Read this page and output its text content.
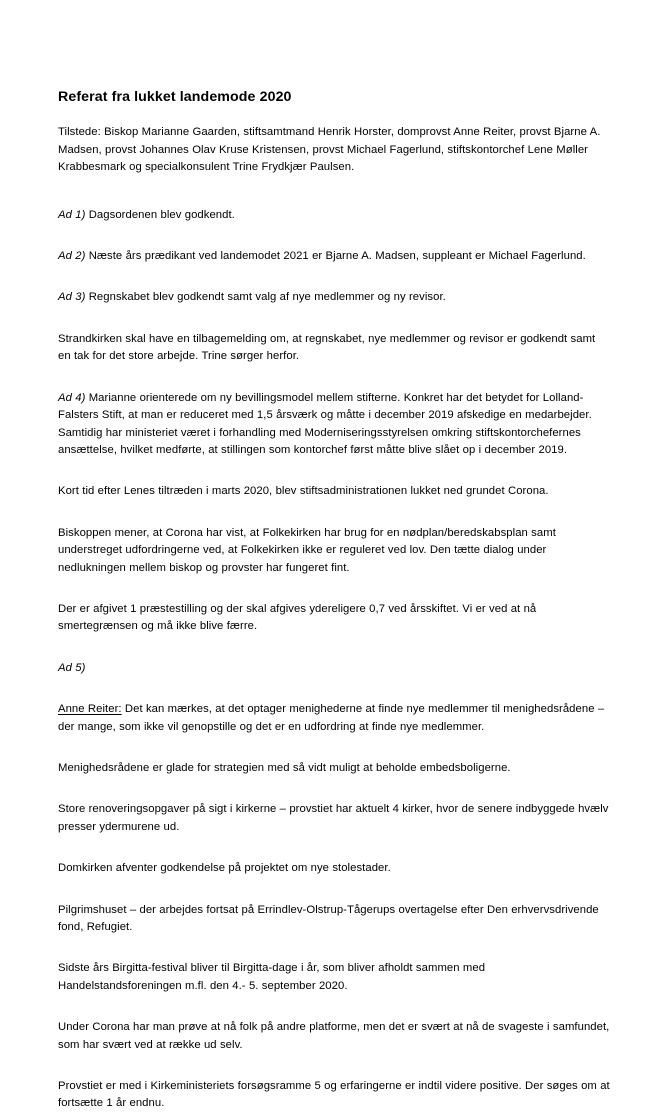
Referat fra lukket landemode 2020

Tilstede: Biskop Marianne Gaarden, stiftsamtmand Henrik Horster, domprovst Anne Reiter, provst Bjarne A. Madsen, provst Johannes Olav Kruse Kristensen, provst Michael Fagerlund, stiftskontorchef Lene Møller Krabbesmark og specialkonsulent Trine Frydkjær Paulsen.

Ad 1) Dagsordenen blev godkendt.

Ad 2) Næste års prædikant ved landemodet 2021 er Bjarne A. Madsen, suppleant er Michael Fagerlund.

Ad 3) Regnskabet blev godkendt samt valg af nye medlemmer og ny revisor.

Strandkirken skal have en tilbagemelding om, at regnskabet, nye medlemmer og revisor er godkendt samt en tak for det store arbejde. Trine sørger herfor.

Ad 4) Marianne orienterede om ny bevillingsmodel mellem stifterne. Konkret har det betydet for Lolland-Falsters Stift, at man er reduceret med 1,5 årsværk og måtte i december 2019 afskedige en medarbejder. Samtidig har ministeriet været i forhandling med Moderniseringsstyrelsen omkring stiftskontorchefernes ansættelse, hvilket medførte, at stillingen som kontorchef først måtte blive slået op i december 2019.

Kort tid efter Lenes tiltræden i marts 2020, blev stiftsadministrationen lukket ned grundet Corona.

Biskoppen mener, at Corona har vist, at Folkekirken har brug for en nødplan/beredskabsplan samt understreget udfordringerne ved, at Folkekirken ikke er reguleret ved lov. Den tætte dialog under nedlukningen mellem biskop og provster har fungeret fint.

Der er afgivet 1 præstestilling og der skal afgives ydereligere 0,7 ved årsskiftet. Vi er ved at nå smertegrænsen og må ikke blive færre.

Ad 5)

Anne Reiter: Det kan mærkes, at det optager menighederne at finde nye medlemmer til menighedsrådene – der mange, som ikke vil genopstille og det er en udfordring at finde nye medlemmer.

Menighedsrådene er glade for strategien med så vidt muligt at beholde embedsboligerne.

Store renoveringsopgaver på sigt i kirkerne – provstiet har aktuelt 4 kirker, hvor de senere indbyggede hvælv presser ydermurene ud.

Domkirken afventer godkendelse på projektet om nye stolestader.

Pilgrimshuset – der arbejdes fortsat på Errindlev-Olstrup-Tågerups overtagelse efter Den erhvervsdrivende fond, Refugiet.

Sidste års Birgitta-festival bliver til Birgitta-dage i år, som bliver afholdt sammen med Handelstandsforeningen m.fl. den 4.- 5. september 2020.

Under Corona har man prøve at nå folk på andre platforme, men det er svært at nå de svageste i samfundet, som har svært ved at række ud selv.

Provstiet er med i Kirkeministeriets forsøgsramme 5 og erfaringerne er indtil videre positive. Der søges om at fortsætte 1 år endnu.
